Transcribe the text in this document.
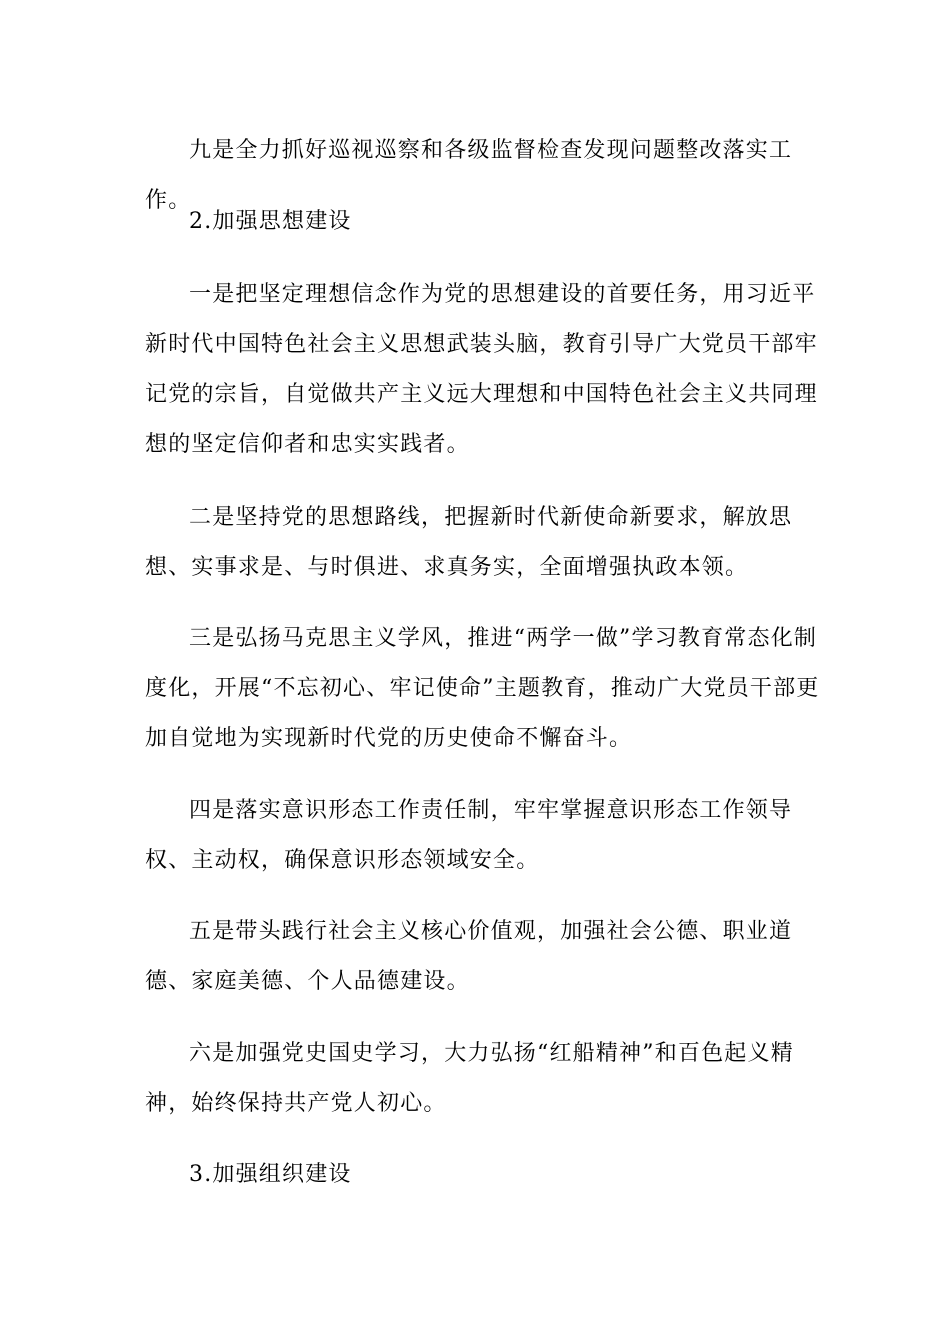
九是全力抓好巡视巡察和各级监督检查发现问题整改落实工作。

2.加强思想建设

一是把坚定理想信念作为党的思想建设的首要任务，用习近平新时代中国特色社会主义思想武装头脑，教育引导广大党员干部牢记党的宗旨，自觉做共产主义远大理想和中国特色社会主义共同理想的坚定信仰者和忠实实践者。

二是坚持党的思想路线，把握新时代新使命新要求，解放思想、实事求是、与时俱进、求真务实，全面增强执政本领。

三是弘扬马克思主义学风，推进“两学一做”学习教育常态化制度化，开展“不忘初心、牢记使命”主题教育，推动广大党员干部更加自觉地为实现新时代党的历史使命不懈奋斗。

四是落实意识形态工作责任制，牢牢掌握意识形态工作领导权、主动权，确保意识形态领域安全。

五是带头践行社会主义核心价值观，加强社会公德、职业道德、家庭美德、个人品德建设。

六是加强党史国史学习，大力弘扬“红船精神”和百色起义精神，始终保持共产党人初心。

3.加强组织建设
